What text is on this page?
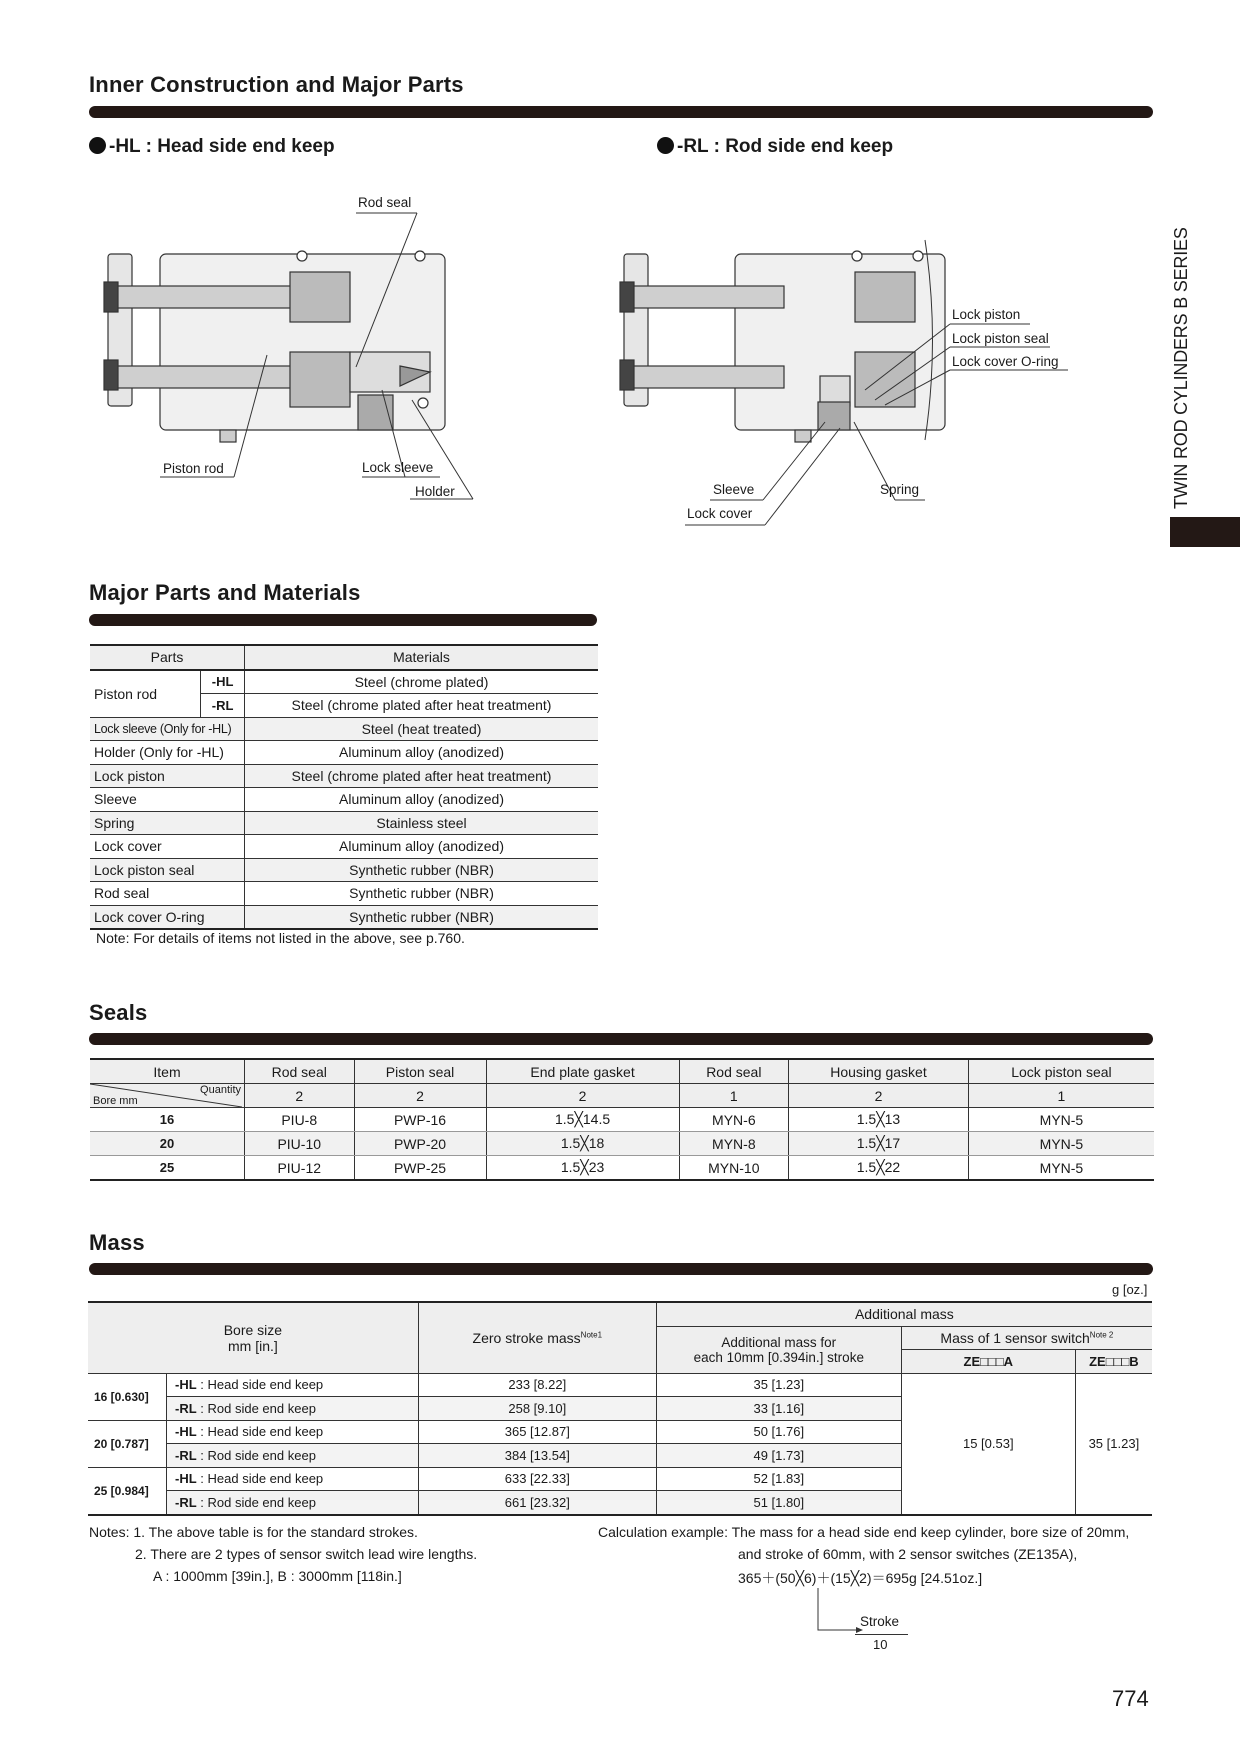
Inner Construction and Major Parts
-HL : Head side end keep	-RL : Rod side end keep
Rod seal
Piston rod	Lock sleeve
Holder
Lock piston
Lock piston seal
Lock cover O-ring
Sleeve
Lock cover
Spring	TWIN ROD CYLINDERS B SERIES
Major Parts and Materials
Parts		Materials
Piston rod	-HL	Steel (chrome plated)
	-RL	Steel (chrome plated after heat treatment)
Lock sleeve (Only for -HL)		Steel (heat treated)
Holder (Only for -HL)		Aluminum alloy (anodized)
Lock piston		Steel (chrome plated after heat treatment)
Sleeve		Aluminum alloy (anodized)
Spring		Stainless steel
Lock cover		Aluminum alloy (anodized)
Lock piston seal		Synthetic rubber (NBR)
Rod seal		Synthetic rubber (NBR)
Lock cover O-ring		Synthetic rubber (NBR)
Note: For details of items not listed in the above, see p.760.
Seals
Item	Rod seal	Piston seal	End plate gasket	Rod seal	Housing gasket	Lock piston seal

Quantity
Bore mm	2	2	2	1	2	1
16	PIU-8	PWP-16	1.5╳14.5	MYN-6	1.5╳13	MYN-5
20	PIU-10	PWP-20	1.5╳18	MYN-8	1.5╳17	MYN-5
25	PIU-12	PWP-25	1.5╳23	MYN-10	1.5╳22	MYN-5
Mass
g [oz.]
Bore size
mm [in.]		Zero stroke mass$^{Note1}$	Additional mass		
			Additional mass for
each 10mm [0.394in.] stroke	Mass of 1 sensor switch$^{Note 2}$
				ZE□□□A	ZE□□□B
16 [0.630]	-HL : Head side end keep	233 [8.22]	35 [1.23]	15 [0.53]	35 [1.23]
	-RL : Rod side end keep	258 [9.10]	33 [1.16]		
20 [0.787]	-HL : Head side end keep	365 [12.87]	50 [1.76]		
	-RL : Rod side end keep	384 [13.54]	49 [1.73]		
25 [0.984]	-HL : Head side end keep	633 [22.33]	52 [1.83]		
	-RL : Rod side end keep	661 [23.32]	51 [1.80]		
Notes: 1. The above table is for the standard strokes.
2. There are 2 types of sensor switch lead wire lengths.
A : 1000mm [39in.], B : 3000mm [118in.]
Calculation example: The mass for a head side end keep cylinder, bore size of 20mm,
and stroke of 60mm, with 2 sensor switches (ZE135A),
365＋(50╳6)＋(15╳2)＝695g [24.51oz.]
Stroke
10
774
